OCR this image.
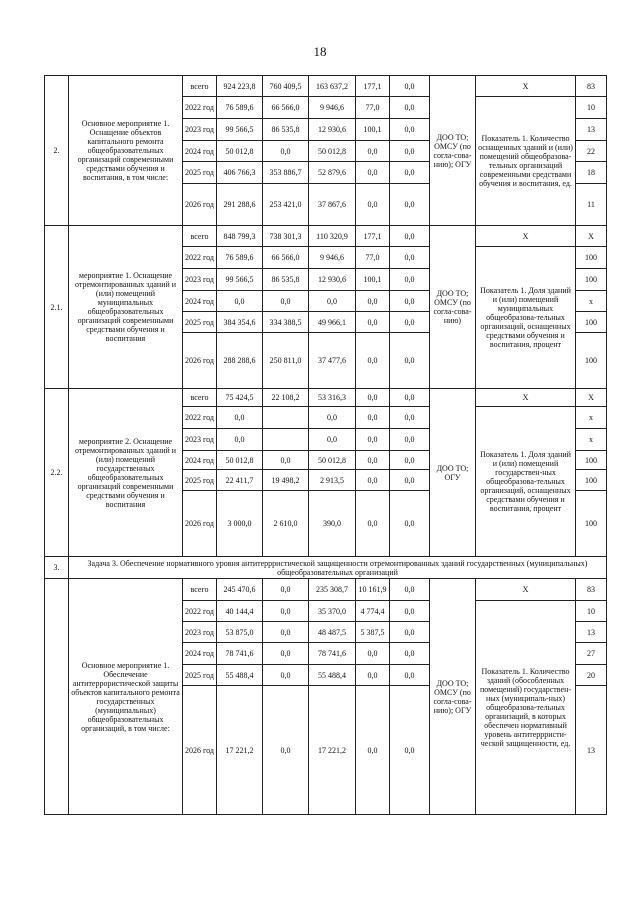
18
2.	Основное мероприятие 1. Оснащение объектов капитального ремонта общеобразовательных организаций современными средствами обучения и воспитания, в том числе:	всего	924 223,8	760 409,5	163 637,2	177,1	0,0	ДОО ТО; ОМСУ (по согла-сова-нию); ОГУ	Х	83
		2022 год	76 589,6	66 566,0	9 946,6	77,0	0,0		Показатель 1. Количество оснащенных зданий и (или) помещений общеобразова-тельных организаций современными средствами обучения и воспитания, ед.	10
		2023 год	99 566,5	86 535,8	12 930,6	100,1	0,0			13
		2024 год	50 012,8	0,0	50 012,8	0,0	0,0			22
		2025 год	406 766,3	353 886,7	52 879,6	0,0	0,0			18
		2026 год	291 288,6	253 421,0	37 867,6	0,0	0,0			11
2.1.	мероприятие 1. Оснащение отремонтированных зданий и (или) помещений муниципальных общеобразовательных организаций современными средствами обучения и воспитания	всего	848 799,3	738 301,3	110 320,9	177,1	0,0	ДОО ТО; ОМСУ (по согла-сова-нию)	Х	Х
		2022 год	76 589,6	66 566,0	9 946,6	77,0	0,0		Показатель 1. Доля зданий и (или) помещений муниципальных общеобразова-тельных организаций, оснащенных средствами обучения и воспитания, процент	100
		2023 год	99 566,5	86 535,8	12 930,6	100,1	0,0			100
		2024 год	0,0	0,0	0,0	0,0	0,0			х
		2025 год	384 354,6	334 388,5	49 966,1	0,0	0,0			100
		2026 год	288 288,6	250 811,0	37 477,6	0,0	0,0			100
2.2.	мероприятие 2. Оснащение отремонтированных зданий и (или) помещений государственных общеобразовательных организаций современными средствами обучения и воспитания	всего	75 424,5	22 108,2	53 316,3	0,0	0,0	ДОО ТО; ОГУ	Х	Х
		2022 год	0,0		0,0	0,0	0,0		Показатель 1. Доля зданий и (или) помещений государствен-ных общеобразова-тельных организаций, оснащенных средствами обучения и воспитания, процент	х
		2023 год	0,0		0,0	0,0	0,0			х
		2024 год	50 012,8	0,0	50 012,8	0,0	0,0			100
		2025 год	22 411,7	19 498,2	2 913,5	0,0	0,0			100
		2026 год	3 000,0	2 610,0	390,0	0,0	0,0			100
3.	Задача 3. Обеспечение нормативного уровня антитеррристической защищенности отремонтированных зданий государственных (муниципальных) общеобразовательных организаций									
	Основное мероприятие 1. Обеспечение антитеррористической защиты объектов капитального ремонта государственных (муниципальных) общеобразовательных организаций, в том числе:	всего	245 470,6	0,0	235 308,7	10 161,9	0,0	ДОО ТО; ОМСУ (по согла-сова-нию); ОГУ	Х	83
		2022 год	40 144,4	0,0	35 370,0	4 774,4	0,0		Показатель 1. Количество зданий (обособленных помещений) государствен-ных (муниципаль-ных) общеобразова-тельных организаций, в которых обеспечен нормативный уровень антитеррристи-ческой защищенности, ед.	10
		2023 год	53 875,0	0,0	48 487,5	5 387,5	0,0			13
		2024 год	78 741,6	0,0	78 741,6	0,0	0,0			27
		2025 год	55 488,4	0,0	55 488,4	0,0	0,0			20
		2026 год	17 221,2	0,0	17 221,2	0,0	0,0			13
